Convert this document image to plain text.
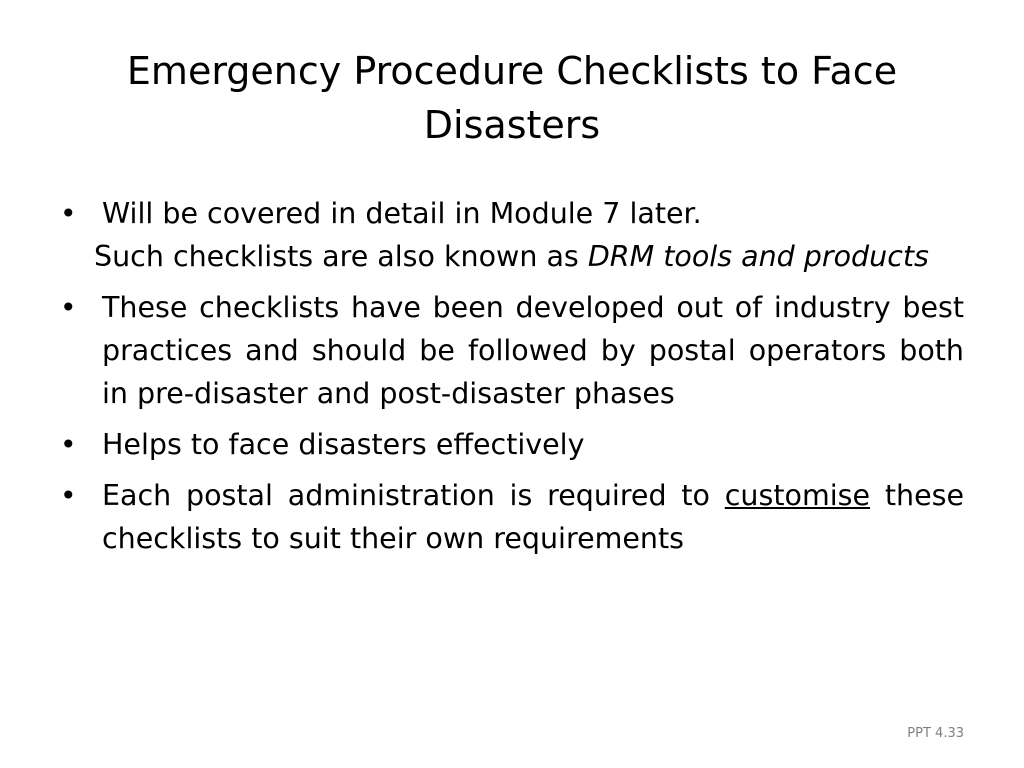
Emergency Procedure Checklists to Face
Disasters
• Will be covered in detail in Module 7 later.
Such checklists are also known as DRM tools and products
• These checklists have been developed out of industry best practices and should be followed by postal operators both in pre-disaster and post-disaster phases
• Helps to face disasters effectively
• Each postal administration is required to customise these checklists to suit their own requirements
PPT 4.33
